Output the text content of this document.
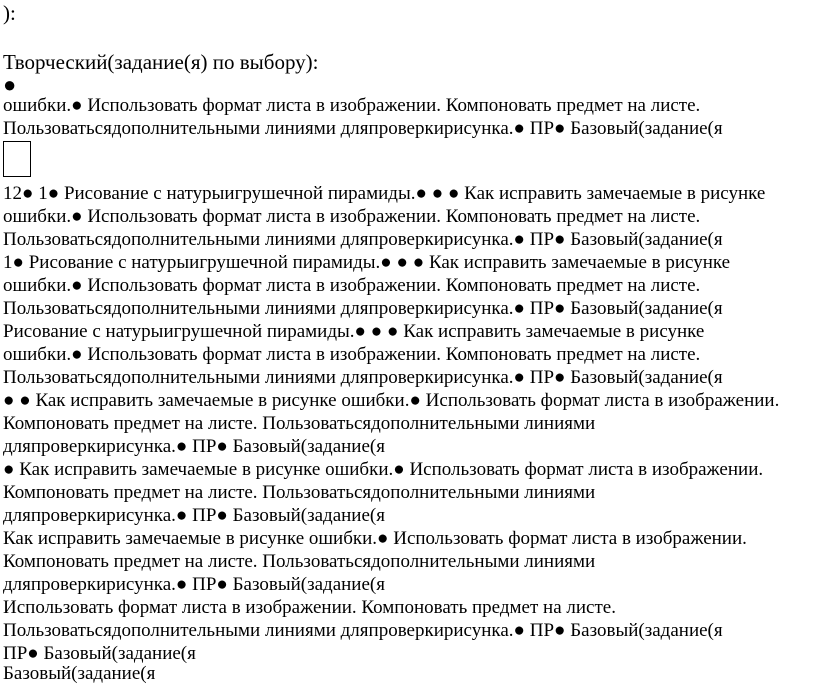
):
Творческий(задание(я) по выбору):
●
ошибки.● Использовать формат листа в изображении. Компоновать предмет на листе.
Пользоватьсядополнительными линиями дляпроверкирисунка.● ПР● Базовый(задание(я
12● 1● Рисование с натурыигрушечной пирамиды.● ● ● Как исправить замечаемые в рисунке
ошибки.● Использовать формат листа в изображении. Компоновать предмет на листе.
Пользоватьсядополнительными линиями дляпроверкирисунка.● ПР● Базовый(задание(я
1● Рисование с натурыигрушечной пирамиды.● ● ● Как исправить замечаемые в рисунке
ошибки.● Использовать формат листа в изображении. Компоновать предмет на листе.
Пользоватьсядополнительными линиями дляпроверкирисунка.● ПР● Базовый(задание(я
Рисование с натурыигрушечной пирамиды.● ● ● Как исправить замечаемые в рисунке
ошибки.● Использовать формат листа в изображении. Компоновать предмет на листе.
Пользоватьсядополнительными линиями дляпроверкирисунка.● ПР● Базовый(задание(я
● ● Как исправить замечаемые в рисунке ошибки.● Использовать формат листа в изображении.
Компоновать предмет на листе. Пользоватьсядополнительными линиями
дляпроверкирисунка.● ПР● Базовый(задание(я
● Как исправить замечаемые в рисунке ошибки.● Использовать формат листа в изображении.
Компоновать предмет на листе. Пользоватьсядополнительными линиями
дляпроверкирисунка.● ПР● Базовый(задание(я
Как исправить замечаемые в рисунке ошибки.● Использовать формат листа в изображении.
Компоновать предмет на листе. Пользоватьсядополнительными линиями
дляпроверкирисунка.● ПР● Базовый(задание(я
Использовать формат листа в изображении. Компоновать предмет на листе.
Пользоватьсядополнительными линиями дляпроверкирисунка.● ПР● Базовый(задание(я
ПР● Базовый(задание(я
Базовый(задание(я
